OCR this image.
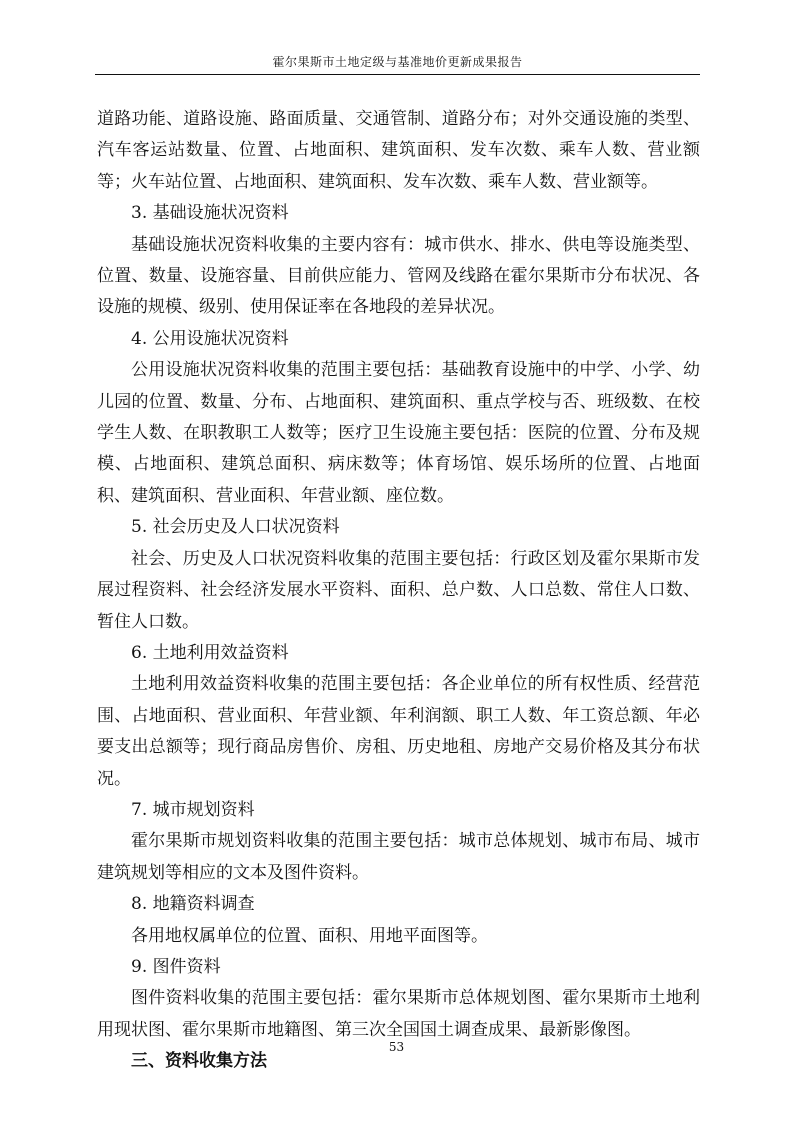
霍尔果斯市土地定级与基准地价更新成果报告

道路功能、道路设施、路面质量、交通管制、道路分布；对外交通设施的类型、汽车客运站数量、位置、占地面积、建筑面积、发车次数、乘车人数、营业额等；火车站位置、占地面积、建筑面积、发车次数、乘车人数、营业额等。

3. 基础设施状况资料

基础设施状况资料收集的主要内容有：城市供水、排水、供电等设施类型、位置、数量、设施容量、目前供应能力、管网及线路在霍尔果斯市分布状况、各设施的规模、级别、使用保证率在各地段的差异状况。

4. 公用设施状况资料

公用设施状况资料收集的范围主要包括：基础教育设施中的中学、小学、幼儿园的位置、数量、分布、占地面积、建筑面积、重点学校与否、班级数、在校学生人数、在职教职工人数等；医疗卫生设施主要包括：医院的位置、分布及规模、占地面积、建筑总面积、病床数等；体育场馆、娱乐场所的位置、占地面积、建筑面积、营业面积、年营业额、座位数。

5. 社会历史及人口状况资料

社会、历史及人口状况资料收集的范围主要包括：行政区划及霍尔果斯市发展过程资料、社会经济发展水平资料、面积、总户数、人口总数、常住人口数、暂住人口数。

6. 土地利用效益资料

土地利用效益资料收集的范围主要包括：各企业单位的所有权性质、经营范围、占地面积、营业面积、年营业额、年利润额、职工人数、年工资总额、年必要支出总额等；现行商品房售价、房租、历史地租、房地产交易价格及其分布状况。

7. 城市规划资料

霍尔果斯市规划资料收集的范围主要包括：城市总体规划、城市布局、城市建筑规划等相应的文本及图件资料。

8. 地籍资料调查

各用地权属单位的位置、面积、用地平面图等。

9. 图件资料

图件资料收集的范围主要包括：霍尔果斯市总体规划图、霍尔果斯市土地利用现状图、霍尔果斯市地籍图、第三次全国国土调查成果、最新影像图。

三、资料收集方法

53
